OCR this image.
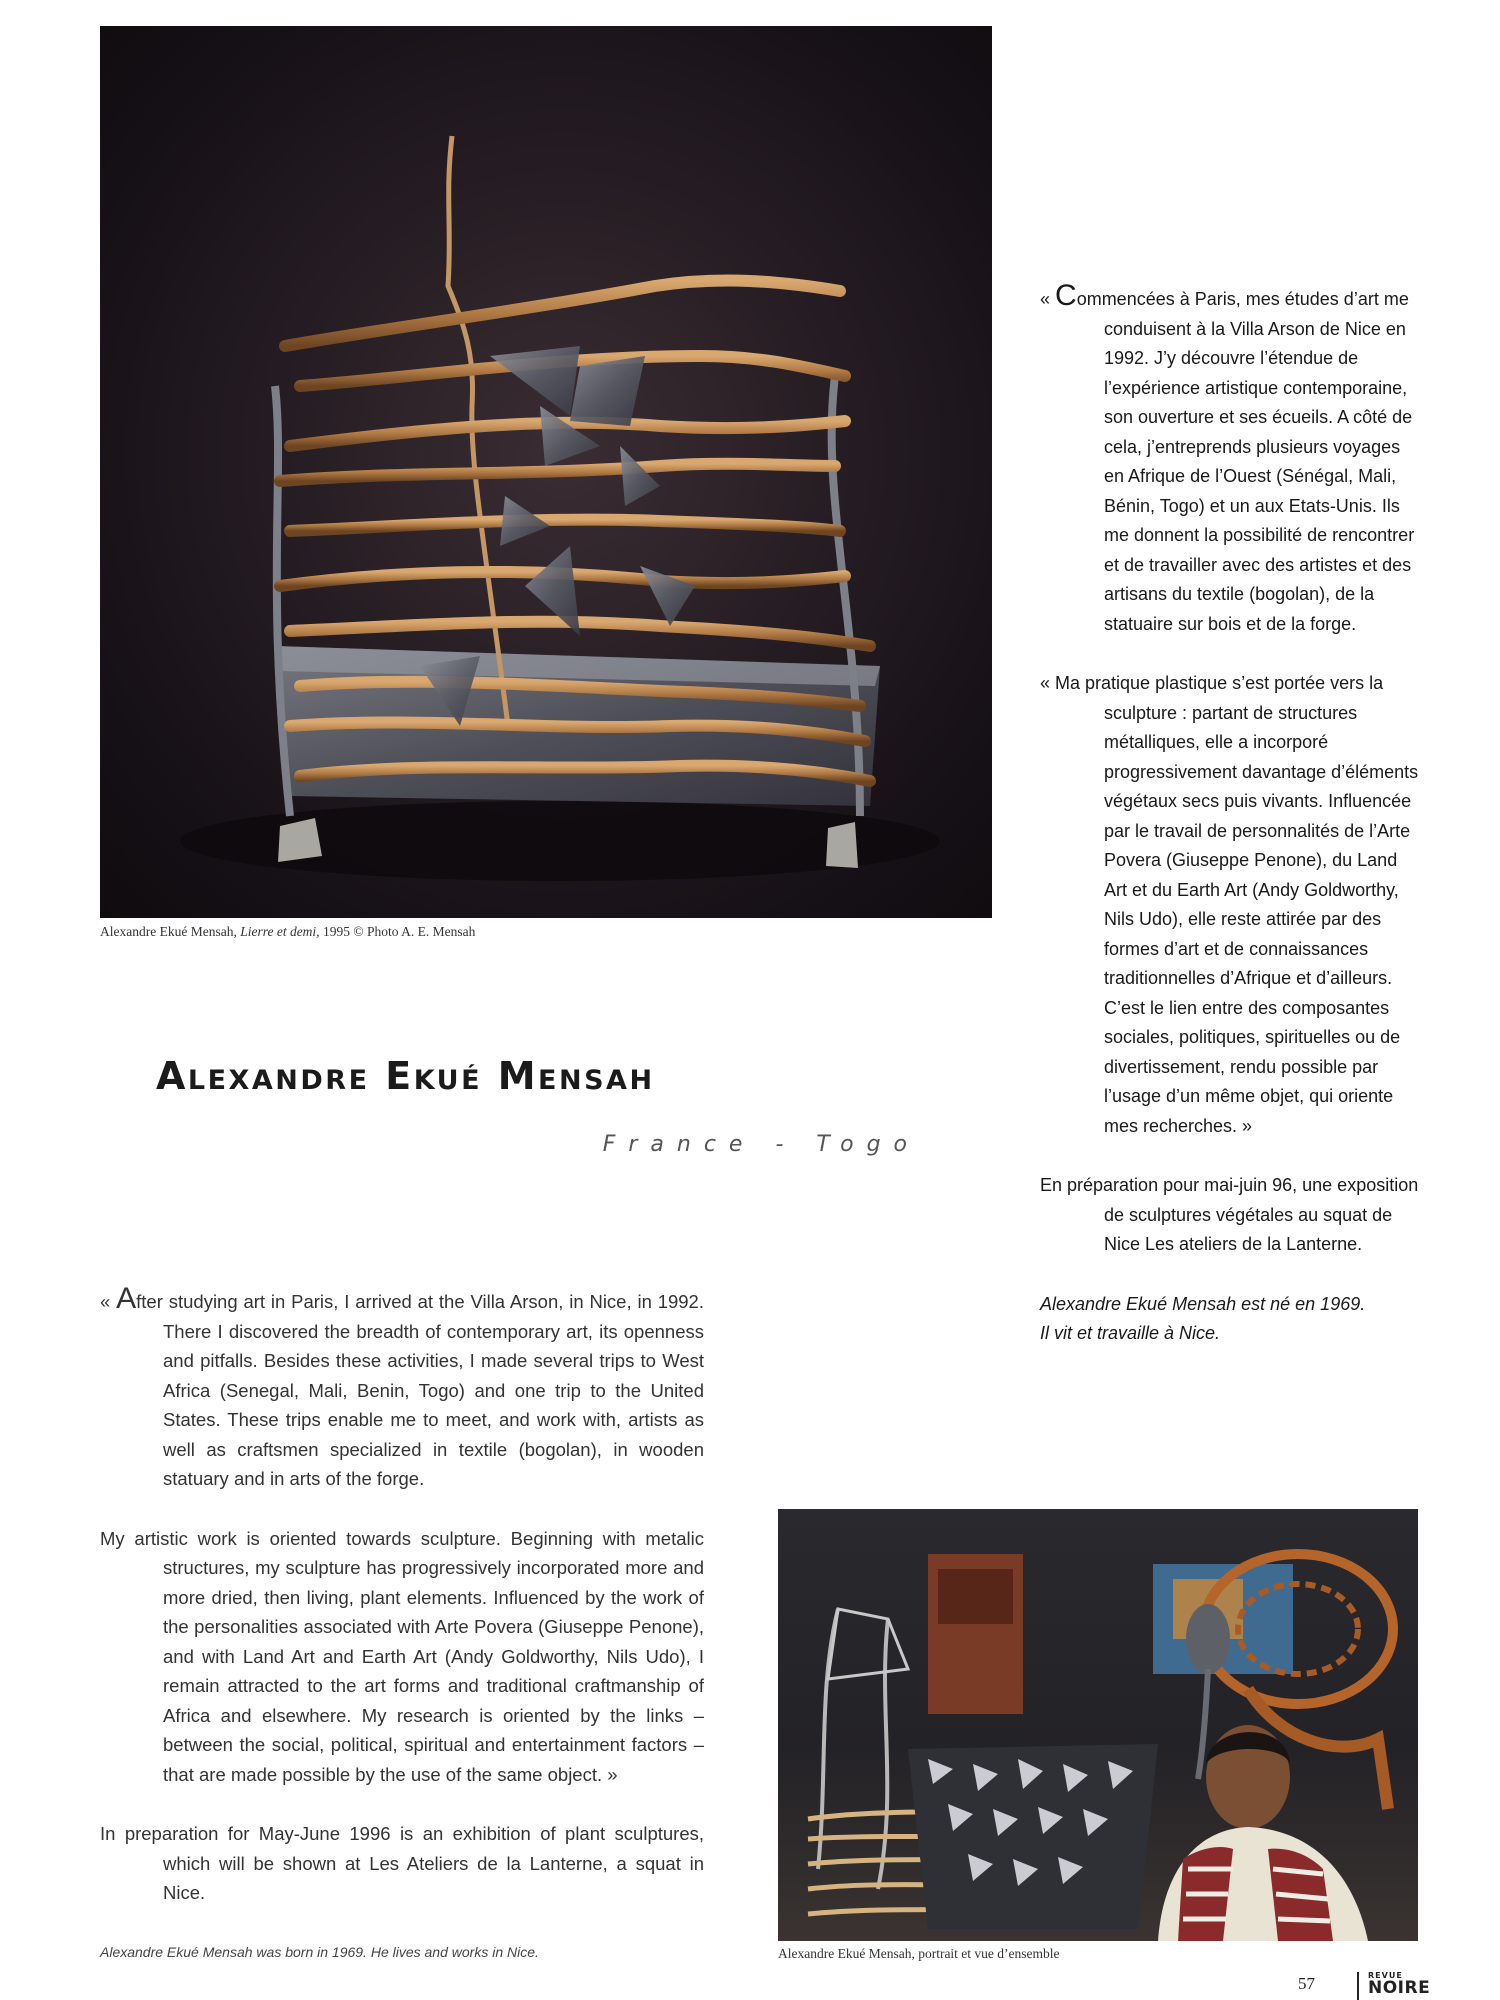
Alexandre Ekué Mensah, Lierre et demi, 1995 © Photo A. E. Mensah
Alexandre Ekué Mensah
France - Togo

« Commencées à Paris, mes études d’art me conduisent à la Villa Arson de Nice en 1992. J’y découvre l’étendue de l’expérience artistique contemporaine, son ouverture et ses écueils. A côté de cela, j’entreprends plusieurs voyages en Afrique de l’Ouest (Sénégal, Mali, Bénin, Togo) et un aux Etats-Unis. Ils me donnent la possibilité de rencontrer et de travailler avec des artistes et des artisans du textile (bogolan), de la statuaire sur bois et de la forge.

« Ma pratique plastique s’est portée vers la sculpture : partant de structures métalliques, elle a incorporé progressivement davantage d’éléments végétaux secs puis vivants. Influencée par le travail de personnalités de l’Arte Povera (Giuseppe Penone), du Land Art et du Earth Art (Andy Goldworthy, Nils Udo), elle reste attirée par des formes d’art et de connaissances traditionnelles d’Afrique et d’ailleurs. C’est le lien entre des composantes sociales, politiques, spirituelles ou de divertissement, rendu possible par l’usage d’un même objet, qui oriente mes recherches. »

En préparation pour mai-juin 96, une exposition de sculptures végétales au squat de Nice Les ateliers de la Lanterne.

Alexandre Ekué Mensah est né en 1969.
Il vit et travaille à Nice.

« After studying art in Paris, I arrived at the Villa Arson, in Nice, in 1992. There I discovered the breadth of contemporary art, its openness and pitfalls. Besides these activities, I made several trips to West Africa (Senegal, Mali, Benin, Togo) and one trip to the United States. These trips enable me to meet, and work with, artists as well as craftsmen specialized in textile (bogolan), in wooden statuary and in arts of the forge.

My artistic work is oriented towards sculpture. Beginning with metalic structures, my sculpture has progressively incorporated more and more dried, then living, plant elements. Influenced by the work of the personalities associated with Arte Povera (Giuseppe Penone), and with Land Art and Earth Art (Andy Goldworthy, Nils Udo), I remain attracted to the art forms and traditional craftmanship of Africa and elsewhere. My research is oriented by the links – between the social, political, spiritual and entertainment factors – that are made possible by the use of the same object. »

In preparation for May-June 1996 is an exhibition of plant sculptures, which will be shown at Les Ateliers de la Lanterne, a squat in Nice.

Alexandre Ekué Mensah was born in 1969. He lives and works in Nice.	Alexandre Ekué Mensah, portrait et vue d’ensemble
57	REVUE
NOIRE
